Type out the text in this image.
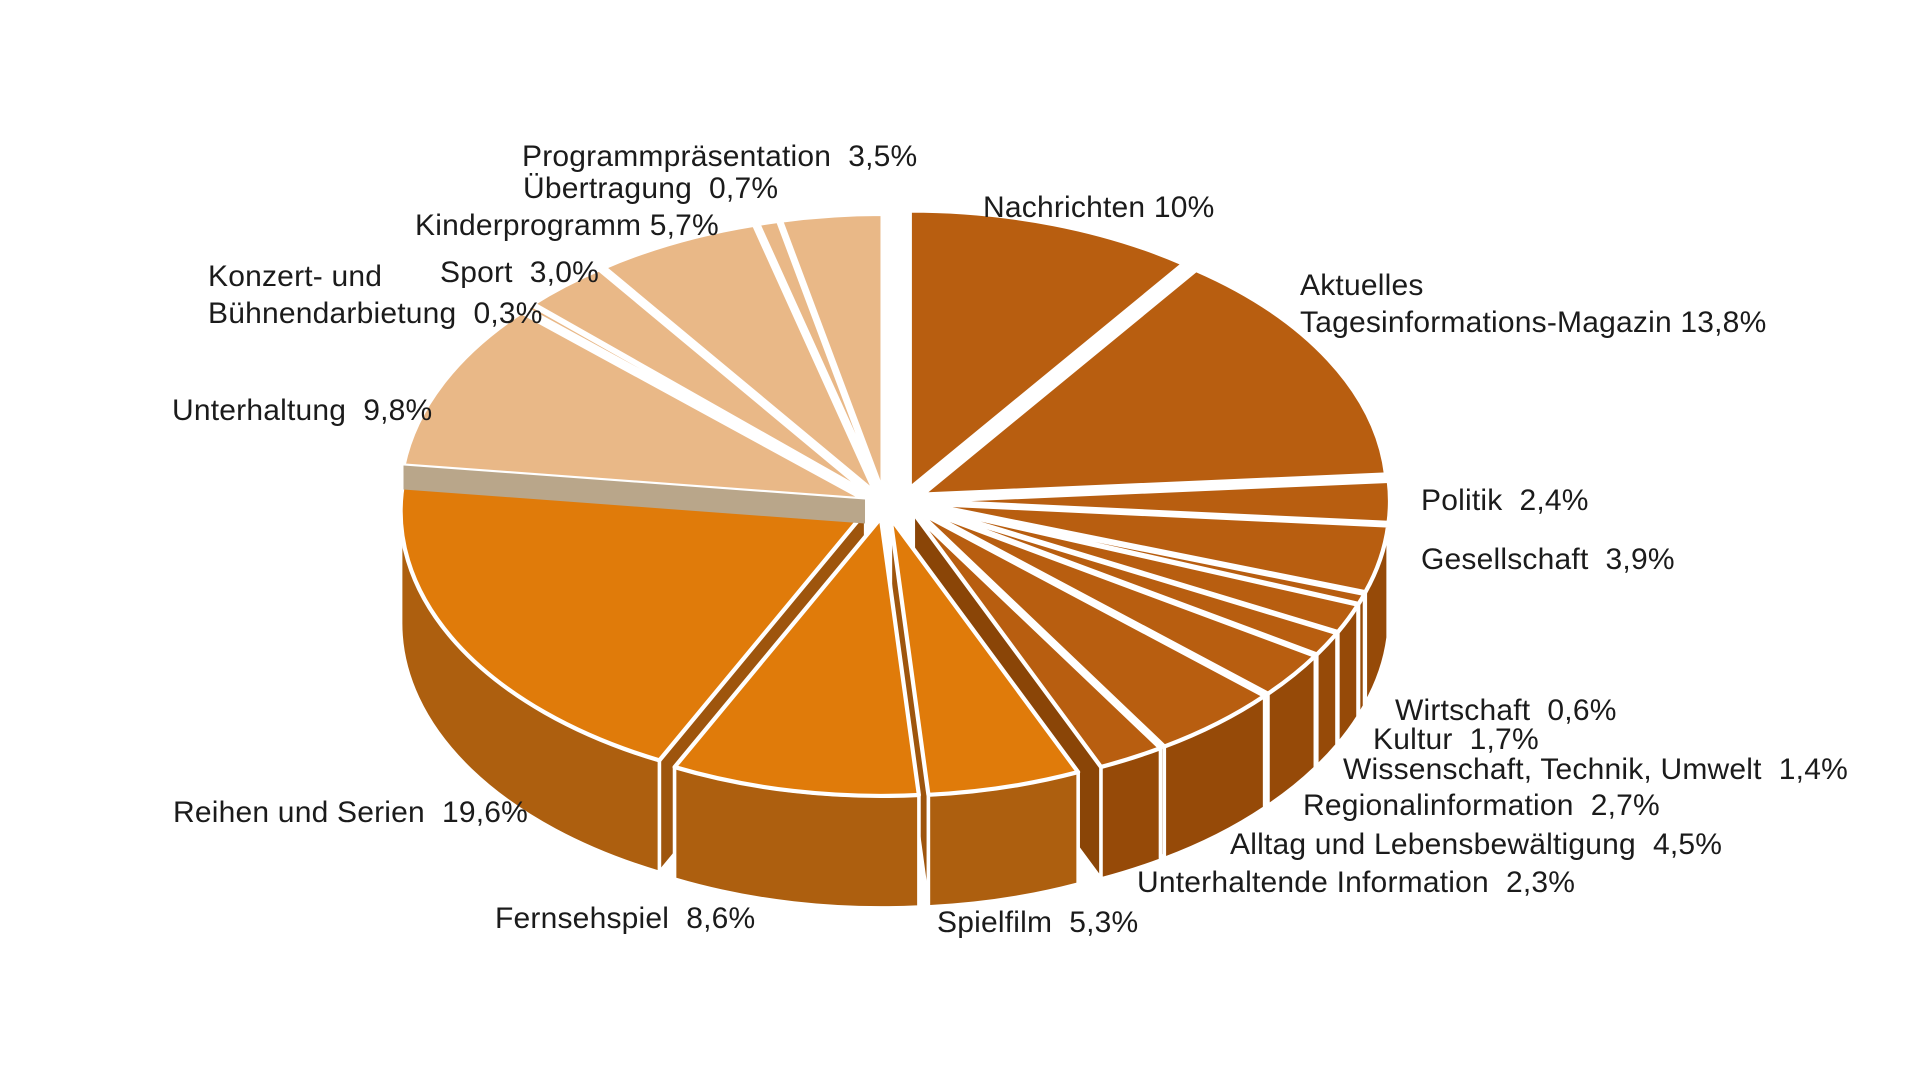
Programmpräsentation  3,5%
Übertragung  0,7%
Kinderprogramm 5,7%
Sport  3,0%
Konzert- und
Bühnendarbietung  0,3%
Unterhaltung  9,8%
Reihen und Serien  19,6%
Fernsehspiel  8,6%	Spielfilm  5,3%
Unterhaltende Information  2,3%
Alltag und Lebensbewältigung  4,5%
Regionalinformation  2,7%
Wissenschaft, Technik, Umwelt  1,4%
Kultur  1,7%
Wirtschaft  0,6%
Gesellschaft  3,9%
Politik  2,4%
Aktuelles
Tagesinformations-Magazin 13,8%
Nachrichten 10%
